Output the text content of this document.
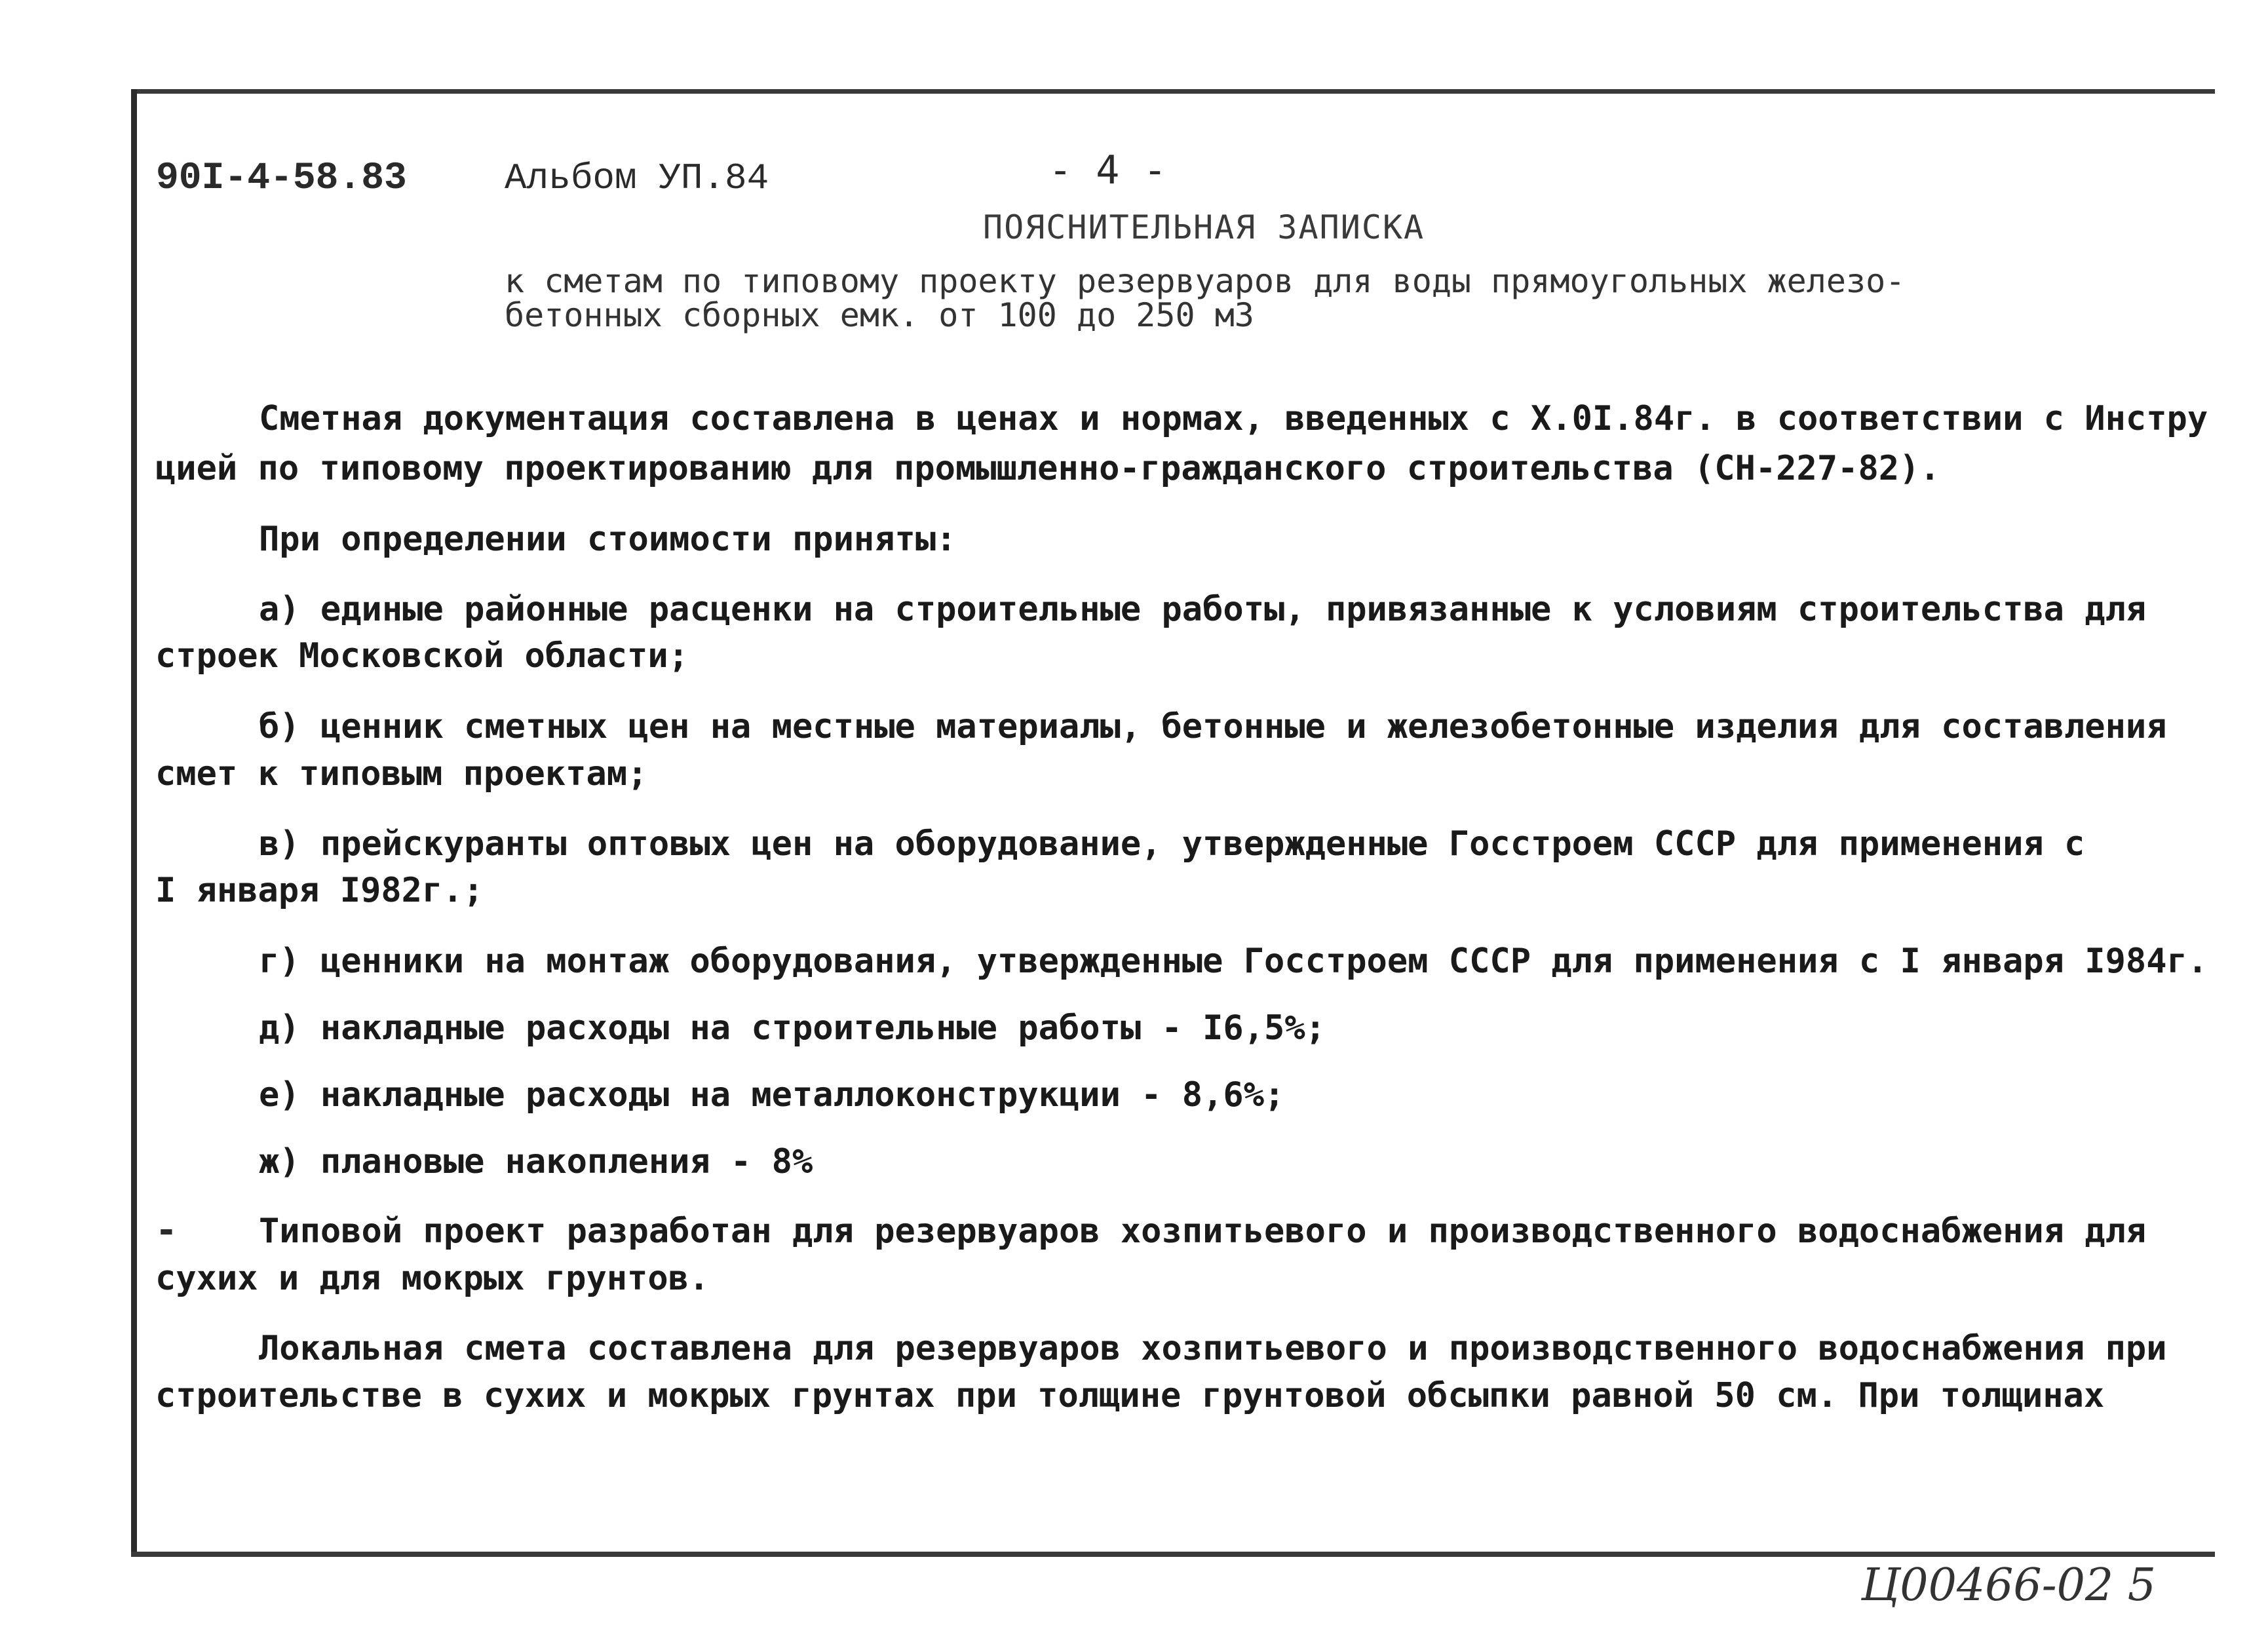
90I-4-58.83	Альбом УП.84	- 4 -
ПОЯСНИТЕЛЬНАЯ ЗАПИСКА
к сметам по типовому проекту резервуаров для воды прямоугольных железо-
бетонных сборных емк. от 100 до 250 м3
Сметная документация составлена в ценах и нормах, введенных с Х.0I.84г. в соответствии с Инстру
цией по типовому проектированию для промышленно-гражданского строительства (СН-227-82).
При определении стоимости приняты:
а) единые районные расценки на строительные работы, привязанные к условиям строительства для
строек Московской области;
б) ценник сметных цен на местные материалы, бетонные и железобетонные изделия для составления
смет к типовым проектам;
в) прейскуранты оптовых цен на оборудование, утвержденные Госстроем СССР для применения с
I января I982г.;
г) ценники на монтаж оборудования, утвержденные Госстроем СССР для применения с I января I984г.
д) накладные расходы на строительные работы - I6,5%;
е) накладные расходы на металлоконструкции - 8,6%;
ж) плановые накопления - 8%
- Типовой проект разработан для резервуаров хозпитьевого и производственного водоснабжения для
сухих и для мокрых грунтов.
Локальная смета составлена для резервуаров хозпитьевого и производственного водоснабжения при
строительстве в сухих и мокрых грунтах при толщине грунтовой обсыпки равной 50 см. При толщинах
Ц00466-02 5
